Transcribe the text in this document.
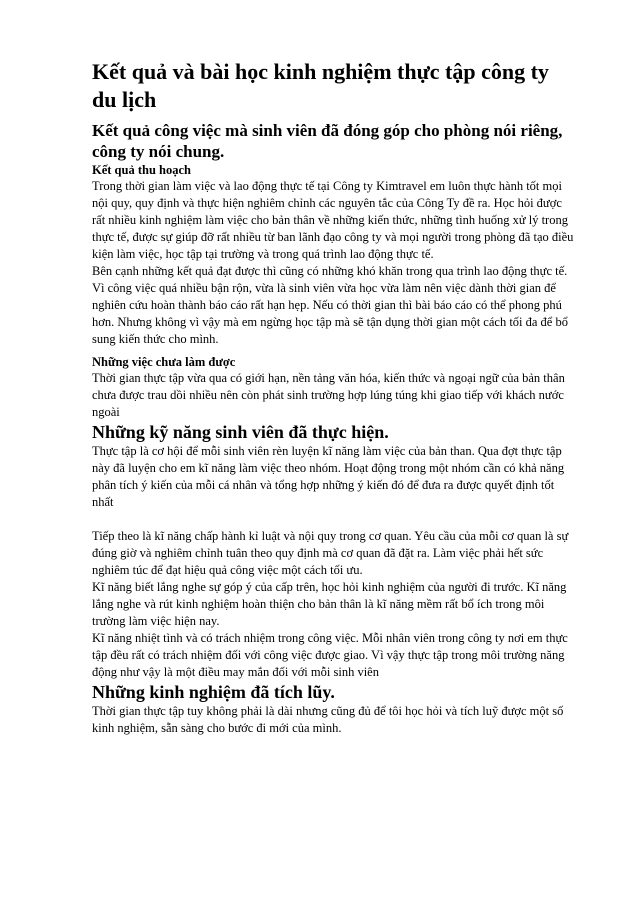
Kết quả và bài học kinh nghiệm thực tập công ty du lịch
Kết quả công việc mà sinh viên đã đóng góp cho phòng nói riêng, công ty nói chung.
Kết quả thu hoạch

Trong thời gian làm việc và lao động thực tế tại Công ty Kimtravel em luôn thực hành tốt mọi nội quy, quy định và thực hiện nghiêm chỉnh các nguyên tắc của Công Ty đề ra. Học hỏi được rất nhiều kinh nghiệm làm việc cho bản thân về những kiến thức, những tình huống xử lý trong thực tế, được sự giúp đỡ rất nhiều từ ban lãnh đạo công ty và mọi người trong phòng đã tạo điều kiện làm việc, học tập tại trường và trong quá trình lao động thực tế.

Bên cạnh những kết quả đạt được thì cũng có những khó khăn trong qua trình lao động thực tế. Vì công việc quá nhiều bận rộn, vừa là sinh viên vừa học vừa làm nên việc dành thời gian để nghiên cứu hoàn thành báo cáo rất hạn hẹp. Nếu có thời gian thì bài báo cáo có thể phong phú hơn. Nhưng không vì vậy mà em ngừng học tập mà sẽ tận dụng thời gian một cách tối đa để bổ sung kiến thức cho mình.

Những việc chưa làm được

Thời gian thực tập vừa qua có giới hạn, nền tảng văn hóa, kiến thức và ngoại ngữ của bản thân chưa được trau dồi nhiều nên còn phát sinh trường hợp lúng túng khi giao tiếp với khách nước ngoài

Những kỹ năng sinh viên đã thực hiện.

Thực tập là cơ hội để mỗi sinh viên rèn luyện kĩ năng làm việc của bản than. Qua đợt thực tập này đã luyện cho em kĩ năng làm việc theo nhóm. Hoạt động trong một nhóm cần có khả năng phân tích ý kiến của mỗi cá nhân và tổng hợp những ý kiến đó để đưa ra được quyết định tốt nhất

Tiếp theo là kĩ năng chấp hành kỉ luật và nội quy trong cơ quan. Yêu cầu của mỗi cơ quan là sự đúng giờ và nghiêm chỉnh tuân theo quy định mà cơ quan đã đặt ra. Làm việc phải hết sức nghiêm túc để đạt hiệu quả công việc một cách tối ưu.

Kĩ năng biết lắng nghe sự góp ý của cấp trên, học hỏi kinh nghiệm của người đi trước. Kĩ năng lắng nghe và rút kinh nghiệm hoàn thiện cho bản thân là kĩ năng mềm rất bổ ích trong môi trường làm việc hiện nay.

Kĩ năng nhiệt tình và có trách nhiệm trong công việc. Mỗi nhân viên trong công ty nơi em thực tập đều rất có trách nhiệm đối với công việc được giao. Vì vậy thực tập trong môi trường năng động như vậy là một điều may mắn đối với mỗi sinh viên

Những kinh nghiệm đã tích lũy.

Thời gian thực tập tuy không phải là dài nhưng cũng đủ để tôi học hỏi và tích luỹ được một số kinh nghiệm, sẵn sàng cho bước đi mới của mình.
